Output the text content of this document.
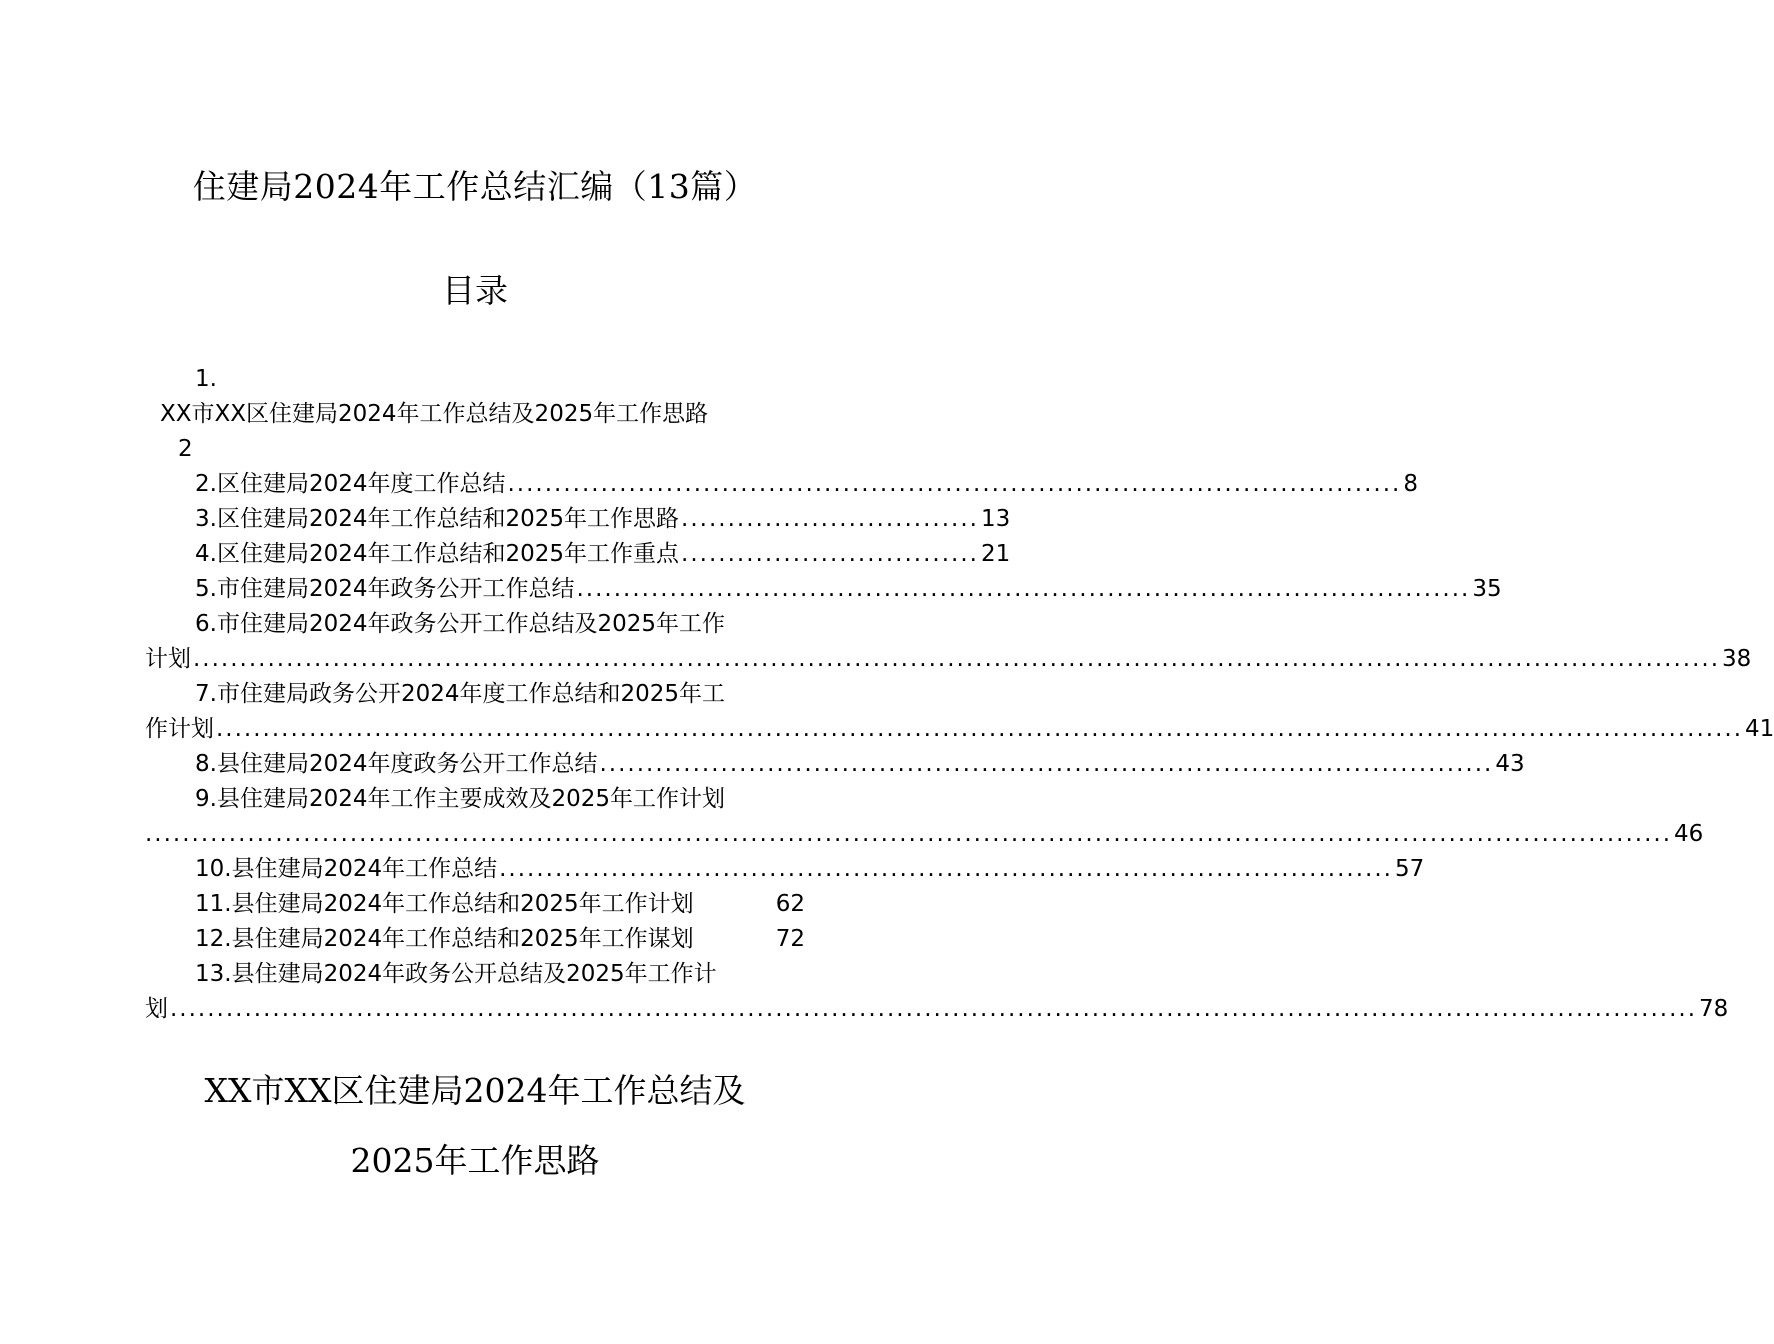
住建局2024年工作总结汇编（13篇）
目录
1.
XX市XX区住建局2024年工作总结及2025年工作思路
2
2.区住建局2024年度工作总结 ................................................................................................ 8
3.区住建局2024年工作总结和2025年工作思路 ................................ 13
4.区住建局2024年工作总结和2025年工作重点 ................................ 21
5.市住建局2024年政务公开工作总结 ................................................................................................ 35
6.市住建局2024年政务公开工作总结及2025年工作
计划 .................................................................................................................................................................... 38
7.市住建局政务公开2024年度工作总结和2025年工
作计划 .................................................................................................................................................................... 41
8.县住建局2024年度政务公开工作总结 ................................................................................................ 43
9.县住建局2024年工作主要成效及2025年工作计划
.................................................................................................................................................................... 46
10.县住建局2024年工作总结 ................................................................................................ 57
11.县住建局2024年工作总结和2025年工作计划	62
12.县住建局2024年工作总结和2025年工作谋划	72
13.县住建局2024年政务公开总结及2025年工作计
划 .................................................................................................................................................................... 78
XX市XX区住建局2024年工作总结及
2025年工作思路
